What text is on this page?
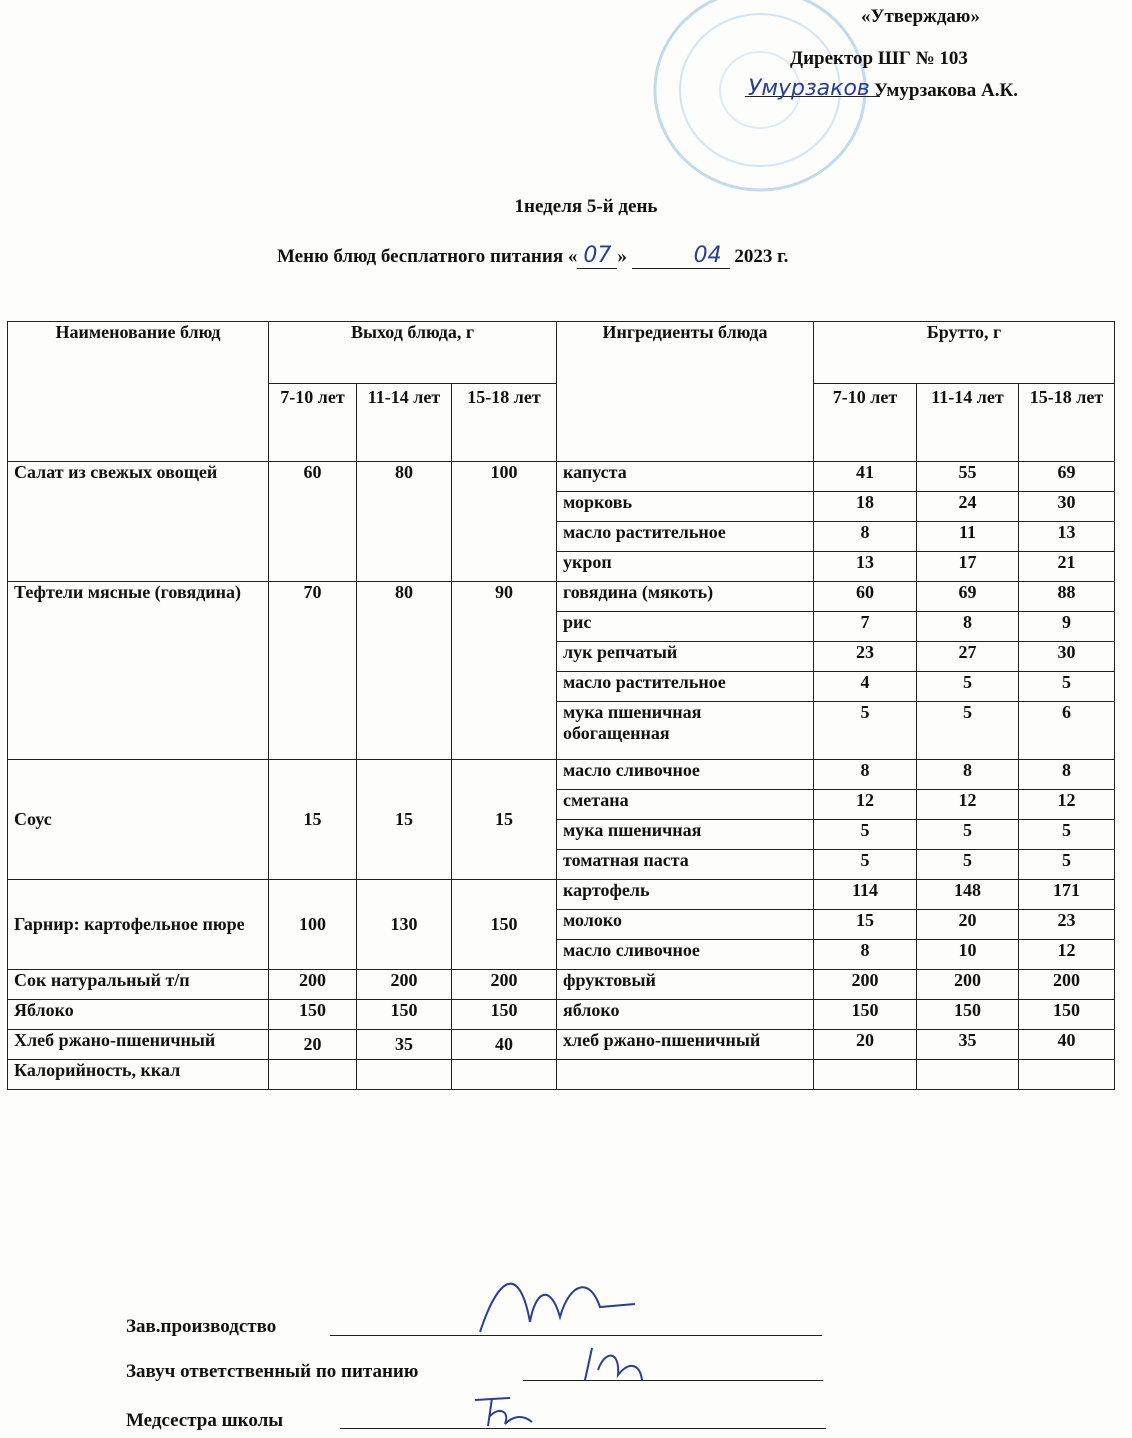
«Утверждаю»
Директор ШГ № 103
Умурзаков Умурзакова А.К.
1неделя 5-й день
Меню блюд бесплатного питания « 07 »	04 2023 г.
Наименование блюд	Выход блюда, г			Ингредиенты блюда	Брутто, г		
	7-10 лет	11-14 лет	15-18 лет		7-10 лет	11-14 лет	15-18 лет
Салат из свежых овощей	60	80	100	капуста	41	55	69
				морковь	18	24	30
				масло растительное	8	11	13
				укроп	13	17	21
Тефтели мясные (говядина)	70	80	90	говядина (мякоть)	60	69	88
				рис	7	8	9
				лук репчатый	23	27	30
				масло растительное	4	5	5
				мука пшеничная обогащенная	5	5	6
Соус	15	15	15	масло сливочное	8	8	8
				сметана	12	12	12
				мука пшеничная	5	5	5
				томатная паста	5	5	5
Гарнир: картофельное пюре	100	130	150	картофель	114	148	171
				молоко	15	20	23
				масло сливочное	8	10	12
Сок натуральный т/п	200	200	200	фруктовый	200	200	200
Яблоко	150	150	150	яблоко	150	150	150
Хлеб ржано-пшеничный	20	35	40	хлеб ржано-пшеничный	20	35	40
Калорийность, ккал							
Зав.производство
Завуч ответственный по питанию
Медсестра школы
